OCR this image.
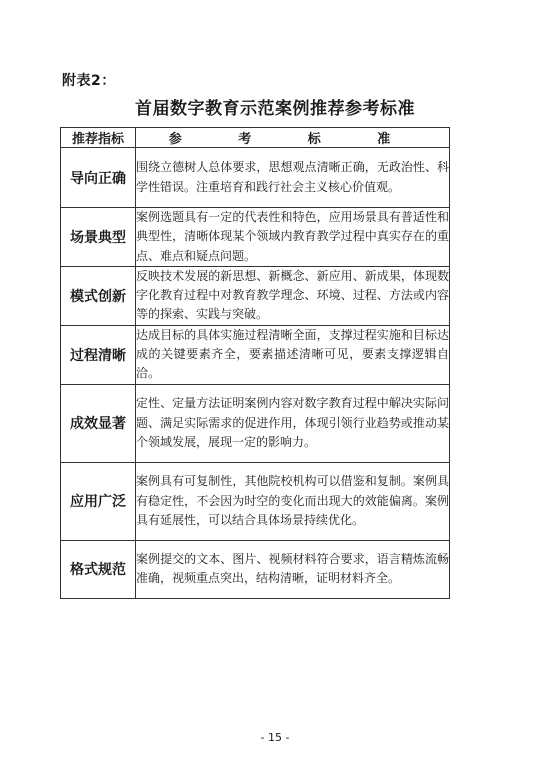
附表2：
首届数字教育示范案例推荐参考标准
推荐指标	参 考 标 准
导向正确	围绕立德树人总体要求，思想观点清晰正确，无政治性、科学性错误。注重培育和践行社会主义核心价值观。
场景典型	案例选题具有一定的代表性和特色，应用场景具有普适性和典型性，清晰体现某个领域内教育教学过程中真实存在的重点、难点和疑点问题。
模式创新	反映技术发展的新思想、新概念、新应用、新成果，体现数字化教育过程中对教育教学理念、环境、过程、方法或内容等的探索、实践与突破。
过程清晰	达成目标的具体实施过程清晰全面，支撑过程实施和目标达成的关键要素齐全，要素描述清晰可见，要素支撑逻辑自洽。
成效显著	定性、定量方法证明案例内容对数字教育过程中解决实际问题、满足实际需求的促进作用，体现引领行业趋势或推动某个领域发展，展现一定的影响力。
应用广泛	案例具有可复制性，其他院校机构可以借鉴和复制。案例具有稳定性，不会因为时空的变化而出现大的效能偏离。案例具有延展性，可以结合具体场景持续优化。
格式规范	案例提交的文本、图片、视频材料符合要求，语言精炼流畅准确，视频重点突出，结构清晰，证明材料齐全。
- 15 -
